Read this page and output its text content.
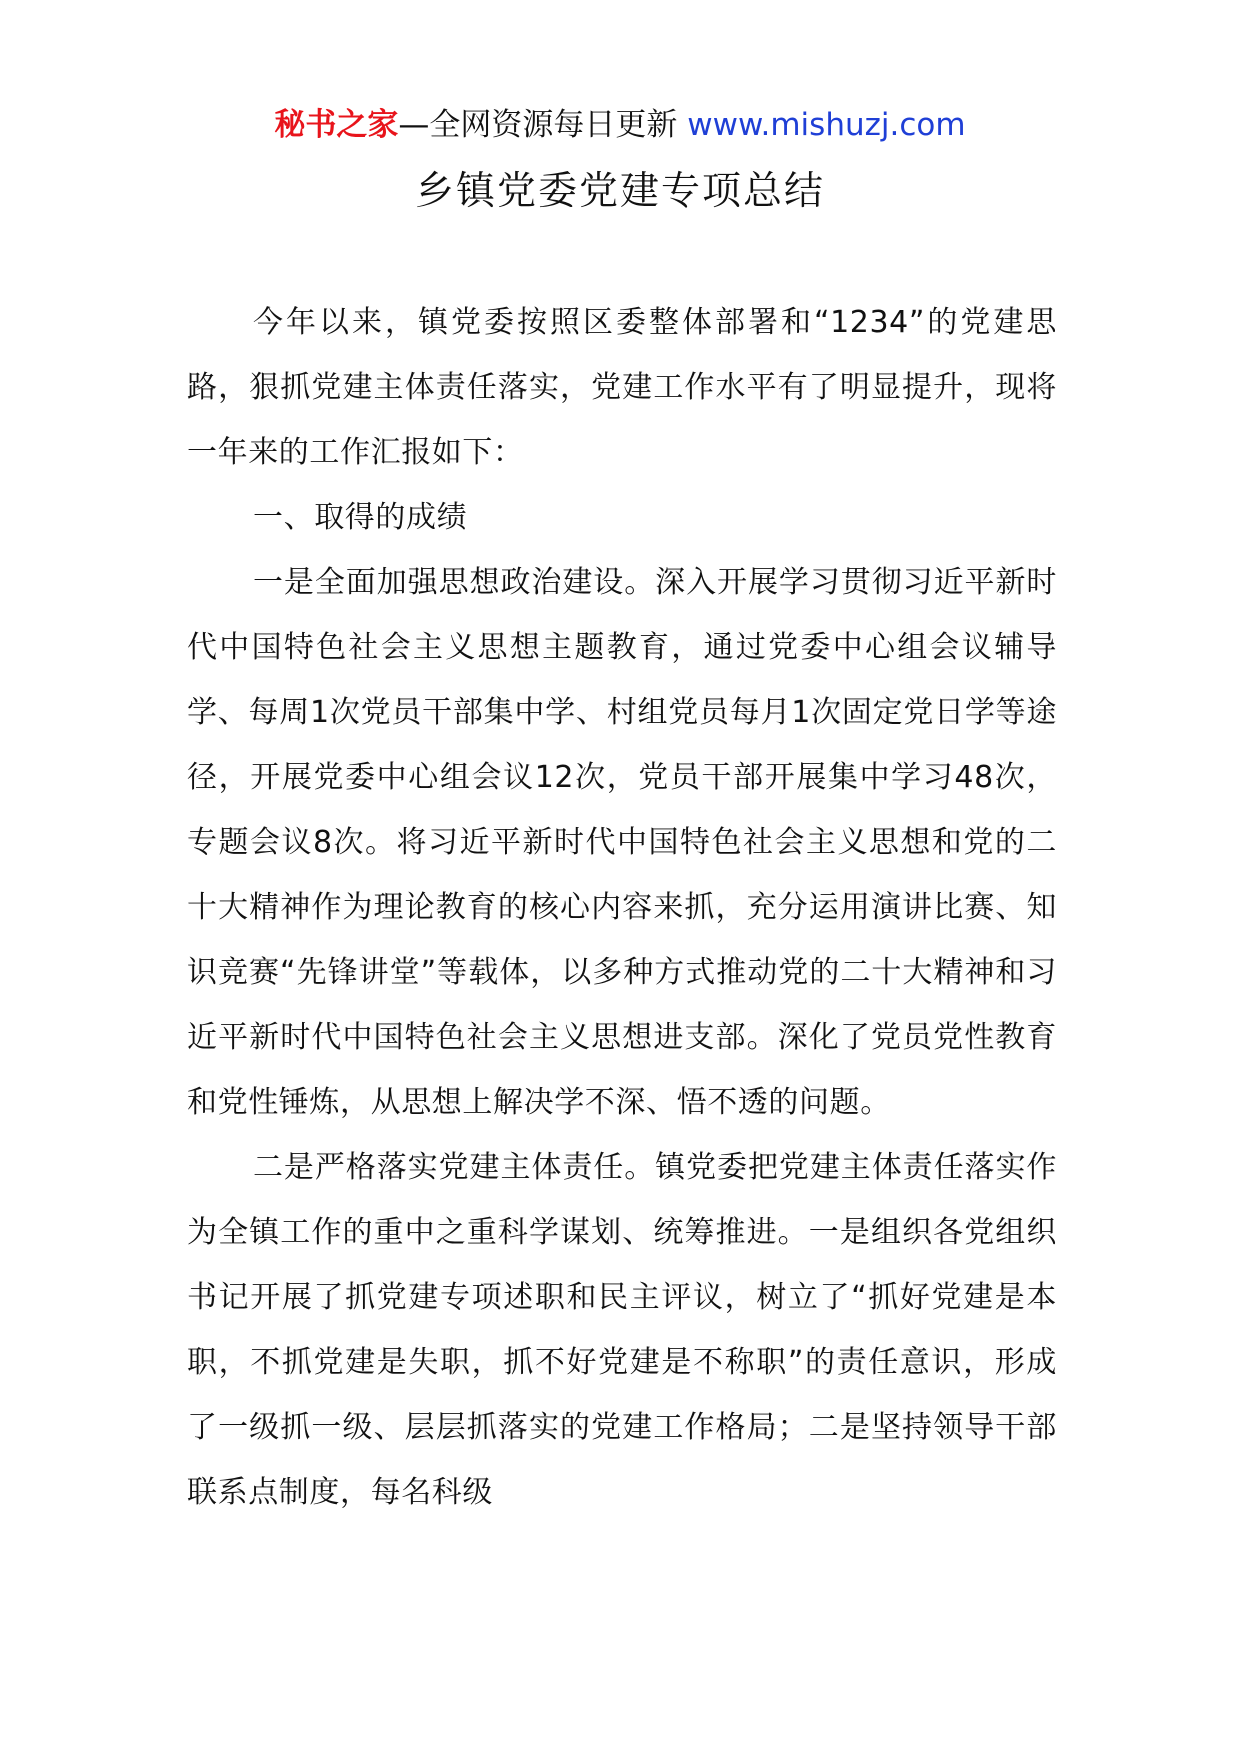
秘书之家—全网资源每日更新 www.mishuzj.com
乡镇党委党建专项总结

今年以来，镇党委按照区委整体部署和“1234”的党建思路，狠抓党建主体责任落实，党建工作水平有了明显提升，现将一年来的工作汇报如下：

一、取得的成绩

一是全面加强思想政治建设。深入开展学习贯彻习近平新时代中国特色社会主义思想主题教育，通过党委中心组会议辅导学、每周1次党员干部集中学、村组党员每月1次固定党日学等途径，开展党委中心组会议12次，党员干部开展集中学习48次，专题会议8次。将习近平新时代中国特色社会主义思想和党的二十大精神作为理论教育的核心内容来抓，充分运用演讲比赛、知识竞赛“先锋讲堂”等载体，以多种方式推动党的二十大精神和习近平新时代中国特色社会主义思想进支部。深化了党员党性教育和党性锤炼，从思想上解决学不深、悟不透的问题。

二是严格落实党建主体责任。镇党委把党建主体责任落实作为全镇工作的重中之重科学谋划、统筹推进。一是组织各党组织书记开展了抓党建专项述职和民主评议，树立了“抓好党建是本职，不抓党建是失职，抓不好党建是不称职”的责任意识，形成了一级抓一级、层层抓落实的党建工作格局；二是坚持领导干部联系点制度，每名科级
